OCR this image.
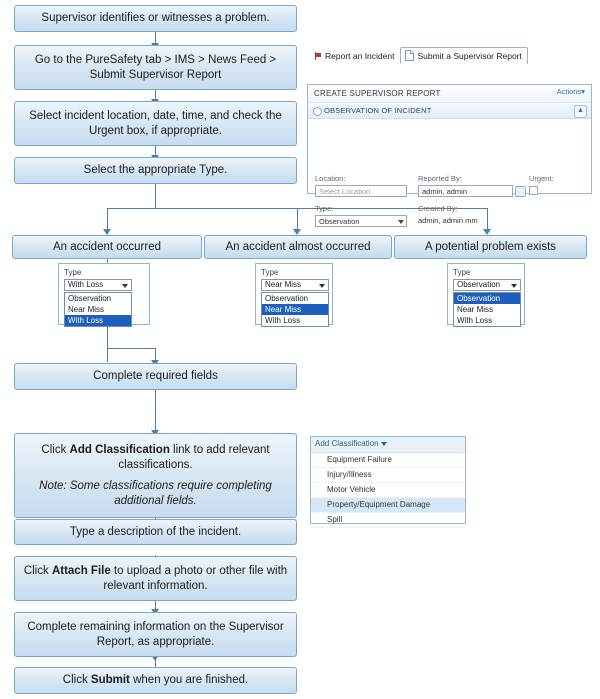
Supervisor identifies or witnesses a problem.
Go to the PureSafety tab > IMS > News Feed > Submit Supervisor Report
Select incident location, date, time, and check the Urgent box, if appropriate.
Select the appropriate Type.
An accident occurred	An accident almost occurred	A potential problem exists
Complete required fields
Click Add Classification link to add relevant classifications.
Note: Some classifications require completing additional fields.
Type a description of the incident.
Click Attach File to upload a photo or other file with relevant information.
Complete remaining information on the Supervisor Report, as appropriate.
Click Submit when you are finished.
Report an Incident	Submit a Supervisor Report
CREATE SUPERVISOR REPORT	Actions▾
OBSERVATION OF INCIDENT	▲
Location:
Select Location
Reported By:
admin, admin
Urgent:
Type:
Observation
Created By:
admin, admin mm
Type
With Loss
Observation
Near Miss
With Loss
Type
Near Miss
Observation
Near Miss
With Loss
Type
Observation
Observation
Near Miss
With Loss
Add Classification
Equipment Failure
Injury/Illness
Motor Vehicle
Property/Equipment Damage
Spill
